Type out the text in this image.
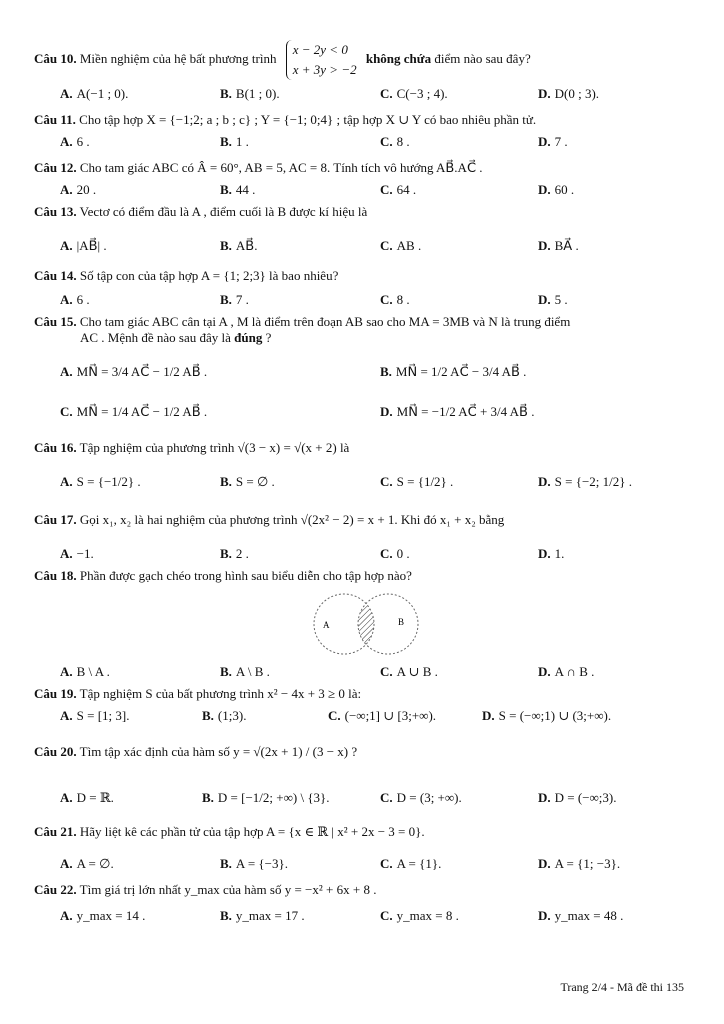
Câu 10. Miền nghiệm của hệ bất phương trình x − 2y < 0
x + 3y > −2 không chứa điểm nào sau đây?
A. A(−1 ; 0).	B. B(1 ; 0).	C. C(−3 ; 4).	D. D(0 ; 3).
Câu 11. Cho tập hợp X = {−1;2; a ; b ; c} ; Y = {−1; 0;4} ; tập hợp X ∪ Y có bao nhiêu phần tử.
A. 6 .	B. 1 .	C. 8 .	D. 7 .
Câu 12. Cho tam giác ABC có Â = 60°, AB = 5, AC = 8. Tính tích vô hướng AB⃗.AC⃗ .
A. 20 .	B. 44 .	C. 64 .	D. 60 .
Câu 13. Vectơ có điểm đầu là A , điểm cuối là B được kí hiệu là
A. |AB⃗| .	B. AB⃗.	C. AB .	D. BA⃗ .
Câu 14. Số tập con của tập hợp A = {1; 2;3} là bao nhiêu?
A. 6 .	B. 7 .	C. 8 .	D. 5 .
Câu 15. Cho tam giác ABC cân tại A , M là điểm trên đoạn AB sao cho MA = 3MB và N là trung điểm
AC . Mệnh đề nào sau đây là đúng ?
A. MN⃗ = 3/4 AC⃗ − 1/2 AB⃗ .	B. MN⃗ = 1/2 AC⃗ − 3/4 AB⃗ .
C. MN⃗ = 1/4 AC⃗ − 1/2 AB⃗ .	D. MN⃗ = −1/2 AC⃗ + 3/4 AB⃗ .
Câu 16. Tập nghiệm của phương trình √(3 − x) = √(x + 2) là
A. S = {−1/2} .	B. S = ∅ .	C. S = {1/2} .	D. S = {−2; 1/2} .
Câu 17. Gọi x₁, x₂ là hai nghiệm của phương trình √(2x² − 2) = x + 1. Khi đó x₁ + x₂ bằng
A. −1.	B. 2 .	C. 0 .	D. 1.
Câu 18. Phần được gạch chéo trong hình sau biểu diễn cho tập hợp nào?
A	B
A. B \ A .	B. A \ B .	C. A ∪ B .	D. A ∩ B .
Câu 19. Tập nghiệm S của bất phương trình x² − 4x + 3 ≥ 0 là:
A. S = [1; 3].	B. (1;3).	C. (−∞;1] ∪ [3;+∞).	D. S = (−∞;1) ∪ (3;+∞).
Câu 20. Tìm tập xác định của hàm số y = √(2x + 1) / (3 − x) ?
A. D = ℝ.	B. D = [−1/2; +∞) \ {3}.	C. D = (3; +∞).	D. D = (−∞;3).
Câu 21. Hãy liệt kê các phần tử của tập hợp A = {x ∈ ℝ | x² + 2x − 3 = 0}.
A. A = ∅.	B. A = {−3}.	C. A = {1}.	D. A = {1; −3}.
Câu 22. Tìm giá trị lớn nhất y_max của hàm số y = −x² + 6x + 8 .
A. y_max = 14 .	B. y_max = 17 .	C. y_max = 8 .	D. y_max = 48 .
Trang 2/4 - Mã đề thi 135
